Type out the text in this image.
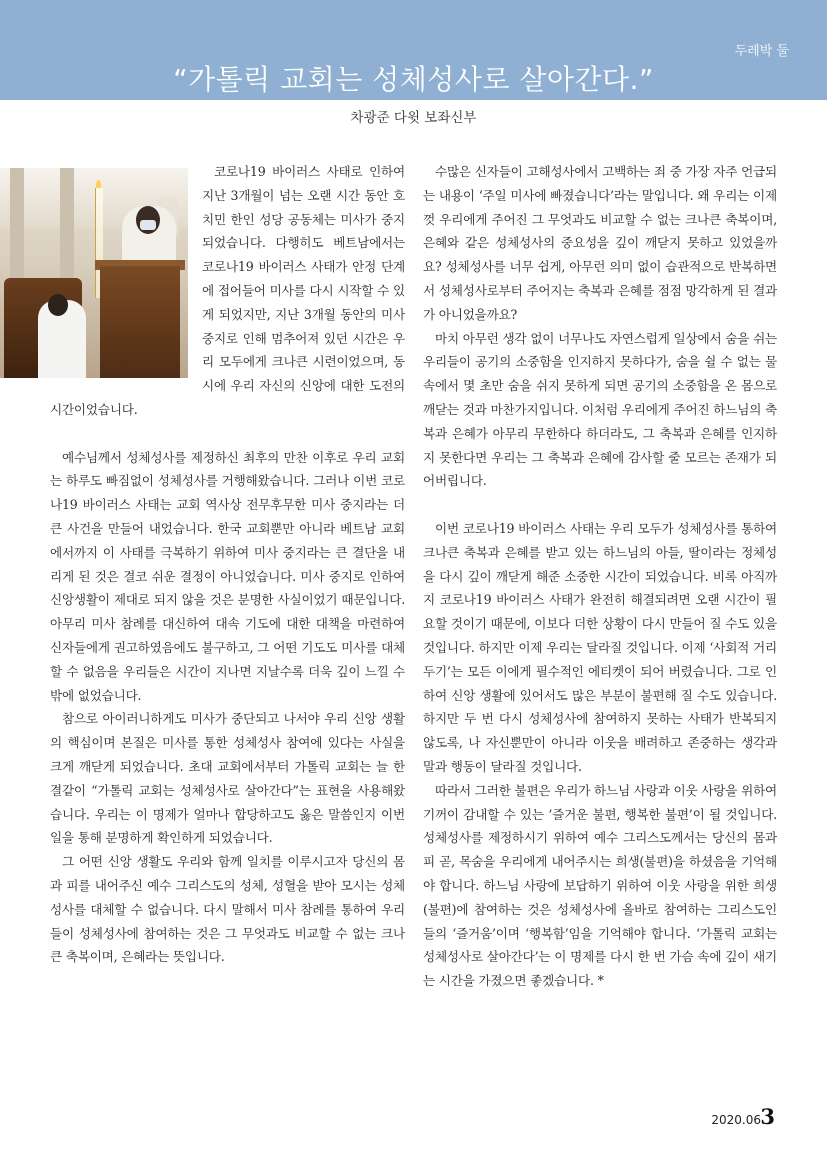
두레박 둘
“가톨릭 교회는 성체성사로 살아간다.”
차광준 다윗 보좌신부

코로나19 바이러스 사태로 인하여 지난 3개월이 넘는 오랜 시간 동안 호치민 한인 성당 공동체는 미사가 중지되었습니다. 다행히도 베트남에서는 코로나19 바이러스 사태가 안정 단계에 접어들어 미사를 다시 시작할 수 있게 되었지만, 지난 3개월 동안의 미사 중지로 인해 멈추어져 있던 시간은 우리 모두에게 크나큰 시련이었으며, 동시에 우리 자신의 신앙에 대한 도전의 시간이었습니다.

예수님께서 성체성사를 제정하신 최후의 만찬 이후로 우리 교회는 하루도 빠짐없이 성체성사를 거행해왔습니다. 그러나 이번 코로나19 바이러스 사태는 교회 역사상 전무후무한 미사 중지라는 더 큰 사건을 만들어 내었습니다. 한국 교회뿐만 아니라 베트남 교회에서까지 이 사태를 극복하기 위하여 미사 중지라는 큰 결단을 내리게 된 것은 결코 쉬운 결정이 아니었습니다. 미사 중지로 인하여 신앙생활이 제대로 되지 않을 것은 분명한 사실이었기 때문입니다. 아무리 미사 참례를 대신하여 대속 기도에 대한 대책을 마련하여 신자들에게 권고하였음에도 불구하고, 그 어떤 기도도 미사를 대체할 수 없음을 우리들은 시간이 지나면 지날수록 더욱 깊이 느낄 수밖에 없었습니다.

참으로 아이러니하게도 미사가 중단되고 나서야 우리 신앙 생활의 핵심이며 본질은 미사를 통한 성체성사 참여에 있다는 사실을 크게 깨닫게 되었습니다. 초대 교회에서부터 가톨릭 교회는 늘 한결같이 “가톨릭 교회는 성체성사로 살아간다”는 표현을 사용해왔습니다. 우리는 이 명제가 얼마나 합당하고도 옳은 말씀인지 이번 일을 통해 분명하게 확인하게 되었습니다.

그 어떤 신앙 생활도 우리와 함께 일치를 이루시고자 당신의 몸과 피를 내어주신 예수 그리스도의 성체, 성혈을 받아 모시는 성체성사를 대체할 수 없습니다. 다시 말해서 미사 참례를 통하여 우리들이 성체성사에 참여하는 것은 그 무엇과도 비교할 수 없는 크나큰 축복이며, 은혜라는 뜻입니다.

수많은 신자들이 고해성사에서 고백하는 죄 중 가장 자주 언급되는 내용이 ‘주일 미사에 빠졌습니다’라는 말입니다. 왜 우리는 이제껏 우리에게 주어진 그 무엇과도 비교할 수 없는 크나큰 축복이며, 은혜와 같은 성체성사의 중요성을 깊이 깨닫지 못하고 있었을까요? 성체성사를 너무 쉽게, 아무런 의미 없이 습관적으로 반복하면서 성체성사로부터 주어지는 축복과 은혜를 점점 망각하게 된 결과가 아니었을까요?

마치 아무런 생각 없이 너무나도 자연스럽게 일상에서 숨을 쉬는 우리들이 공기의 소중함을 인지하지 못하다가, 숨을 쉴 수 없는 물 속에서 몇 초만 숨을 쉬지 못하게 되면 공기의 소중함을 온 몸으로 깨닫는 것과 마찬가지입니다. 이처럼 우리에게 주어진 하느님의 축복과 은혜가 아무리 무한하다 하더라도, 그 축복과 은혜를 인지하지 못한다면 우리는 그 축복과 은혜에 감사할 줄 모르는 존재가 되어버립니다.

이번 코로나19 바이러스 사태는 우리 모두가 성체성사를 통하여 크나큰 축복과 은혜를 받고 있는 하느님의 아들, 딸이라는 정체성을 다시 깊이 깨닫게 해준 소중한 시간이 되었습니다. 비록 아직까지 코로나19 바이러스 사태가 완전히 해결되려면 오랜 시간이 필요할 것이기 때문에, 이보다 더한 상황이 다시 만들어 질 수도 있을 것입니다. 하지만 이제 우리는 달라질 것입니다. 이제 ‘사회적 거리 두기’는 모든 이에게 필수적인 에티켓이 되어 버렸습니다. 그로 인하여 신앙 생활에 있어서도 많은 부분이 불편해 질 수도 있습니다. 하지만 두 번 다시 성체성사에 참여하지 못하는 사태가 반복되지 않도록, 나 자신뿐만이 아니라 이웃을 배려하고 존중하는 생각과 말과 행동이 달라질 것입니다.

따라서 그러한 불편은 우리가 하느님 사랑과 이웃 사랑을 위하여 기꺼이 감내할 수 있는 ‘즐거운 불편, 행복한 불편’이 될 것입니다. 성체성사를 제정하시기 위하여 예수 그리스도께서는 당신의 몸과 피 곧, 목숨을 우리에게 내어주시는 희생(불편)을 하셨음을 기억해야 합니다. 하느님 사랑에 보답하기 위하여 이웃 사랑을 위한 희생(불편)에 참여하는 것은 성체성사에 올바로 참여하는 그리스도인들의 ‘즐거움’이며 ‘행복함’임을 기억해야 합니다. ‘가톨릭 교회는 성체성사로 살아간다’는 이 명제를 다시 한 번 가슴 속에 깊이 새기는 시간을 가졌으면 좋겠습니다. *

2020.06 3
